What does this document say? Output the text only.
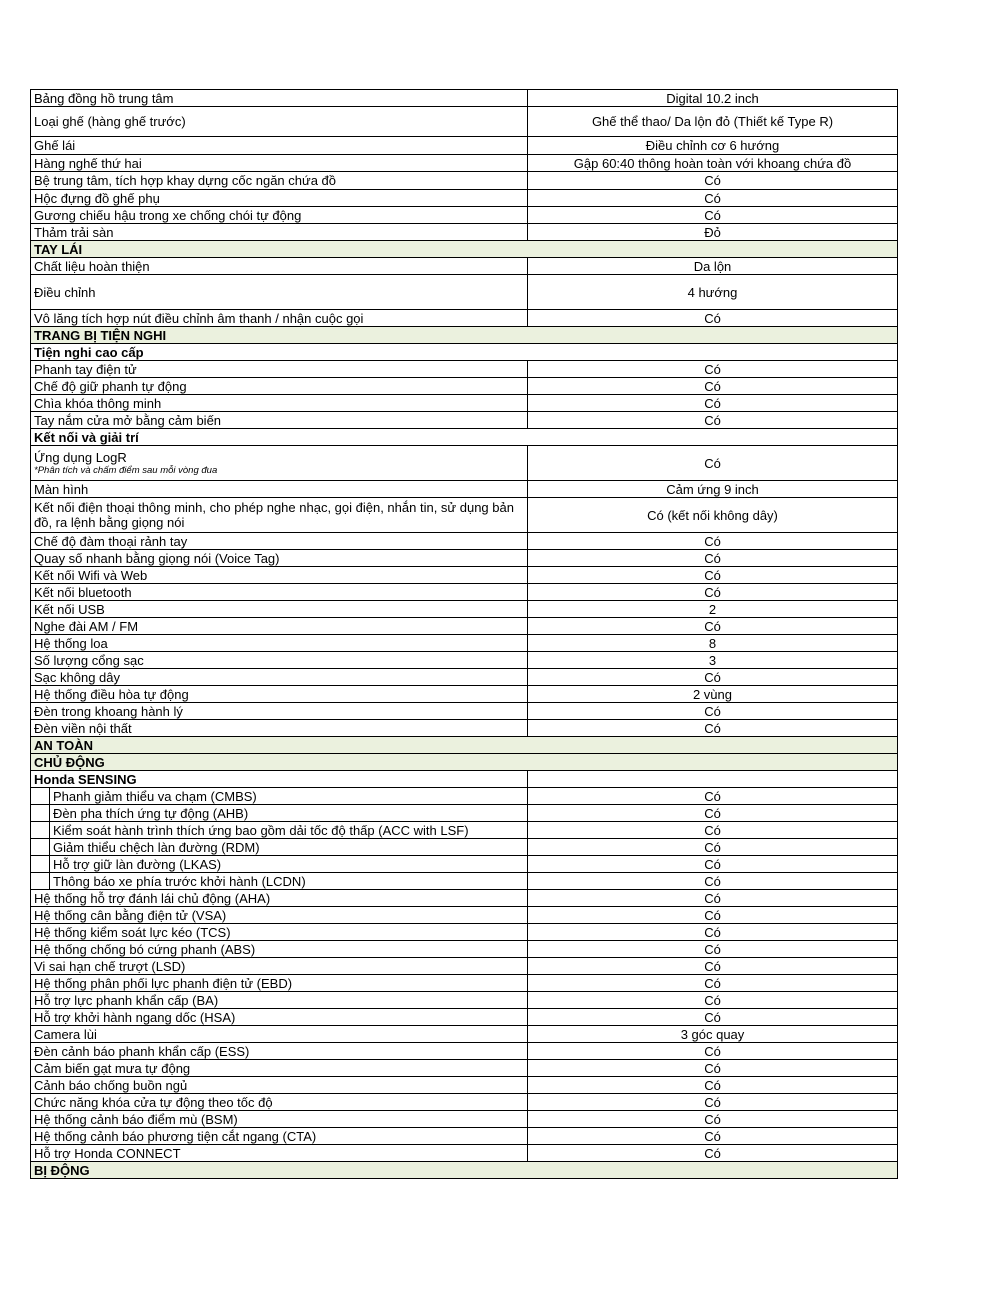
Bảng đồng hồ trung tâm		Digital 10.2 inch
Loại ghế (hàng ghế trước)		Ghế thể thao/ Da lộn đỏ (Thiết kế Type R)
Ghế lái		Điều chỉnh cơ 6 hướng
Hàng nghế thứ hai		Gập 60:40 thông hoàn toàn với khoang chứa đồ
Bệ trung tâm, tích hợp khay dựng cốc ngăn chứa đồ		Có
Hộc đựng đồ ghế phụ		Có
Gương chiếu hậu trong xe chống chói tự động		Có
Thảm trải sàn		Đỏ
TAY LÁI		
Chất liệu hoàn thiện		Da lộn
Điều chỉnh		4 hướng
Vô lăng tích hợp nút điều chỉnh âm thanh / nhận cuộc gọi		Có
TRANG BỊ TIỆN NGHI		
Tiện nghi cao cấp		
Phanh tay điện tử		Có
Chế độ giữ phanh tự động		Có
Chìa khóa thông minh		Có
Tay nắm cửa mở bằng cảm biến		Có
Kết nối và giải trí		
Ứng dụng LogR
*Phân tích và chấm điểm sau mỗi vòng đua		Có
Màn hình		Cảm ứng 9 inch
Kết nối điện thoại thông minh, cho phép nghe nhạc, gọi điện, nhắn tin, sử dụng bản đồ, ra lệnh bằng giọng nói		Có (kết nối không dây)
Chế độ đàm thoại rảnh tay		Có
Quay số nhanh bằng giọng nói (Voice Tag)		Có
Kết nối Wifi và Web		Có
Kết nối bluetooth		Có
Kết nối USB		2
Nghe đài AM / FM		Có
Hệ thống loa		8
Số lượng cổng sạc		3
Sạc không dây		Có
Hệ thống điều hòa tự động		2 vùng
Đèn trong khoang hành lý		Có
Đèn viền nội thất		Có
AN TOÀN		
CHỦ ĐỘNG		
Honda SENSING		
	Phanh giảm thiểu va chạm (CMBS)	Có
	Đèn pha thích ứng tự động (AHB)	Có
	Kiểm soát hành trình thích ứng bao gồm dải tốc độ thấp (ACC with LSF)	Có
	Giảm thiểu chệch làn đường (RDM)	Có
	Hỗ trợ giữ làn đường (LKAS)	Có
	Thông báo xe phía trước khởi hành (LCDN)	Có
Hệ thống hỗ trợ đánh lái chủ động (AHA)		Có
Hệ thống cân bằng điện tử (VSA)		Có
Hệ thống kiểm soát lực kéo (TCS)		Có
Hệ thống chống bó cứng phanh (ABS)		Có
Vi sai hạn chế trượt (LSD)		Có
Hệ thống phân phối lực phanh điện tử (EBD)		Có
Hỗ trợ lực phanh khẩn cấp (BA)		Có
Hỗ trợ khởi hành ngang dốc (HSA)		Có
Camera lùi		3 góc quay
Đèn cảnh báo phanh khẩn cấp (ESS)		Có
Cảm biến gạt mưa tự động		Có
Cảnh báo chống buồn ngủ		Có
Chức năng khóa cửa tự động theo tốc độ		Có
Hệ thống cảnh báo điểm mù (BSM)		Có
Hệ thống cảnh báo phương tiện cắt ngang (CTA)		Có
Hỗ trợ Honda CONNECT		Có
BỊ ĐỘNG		
